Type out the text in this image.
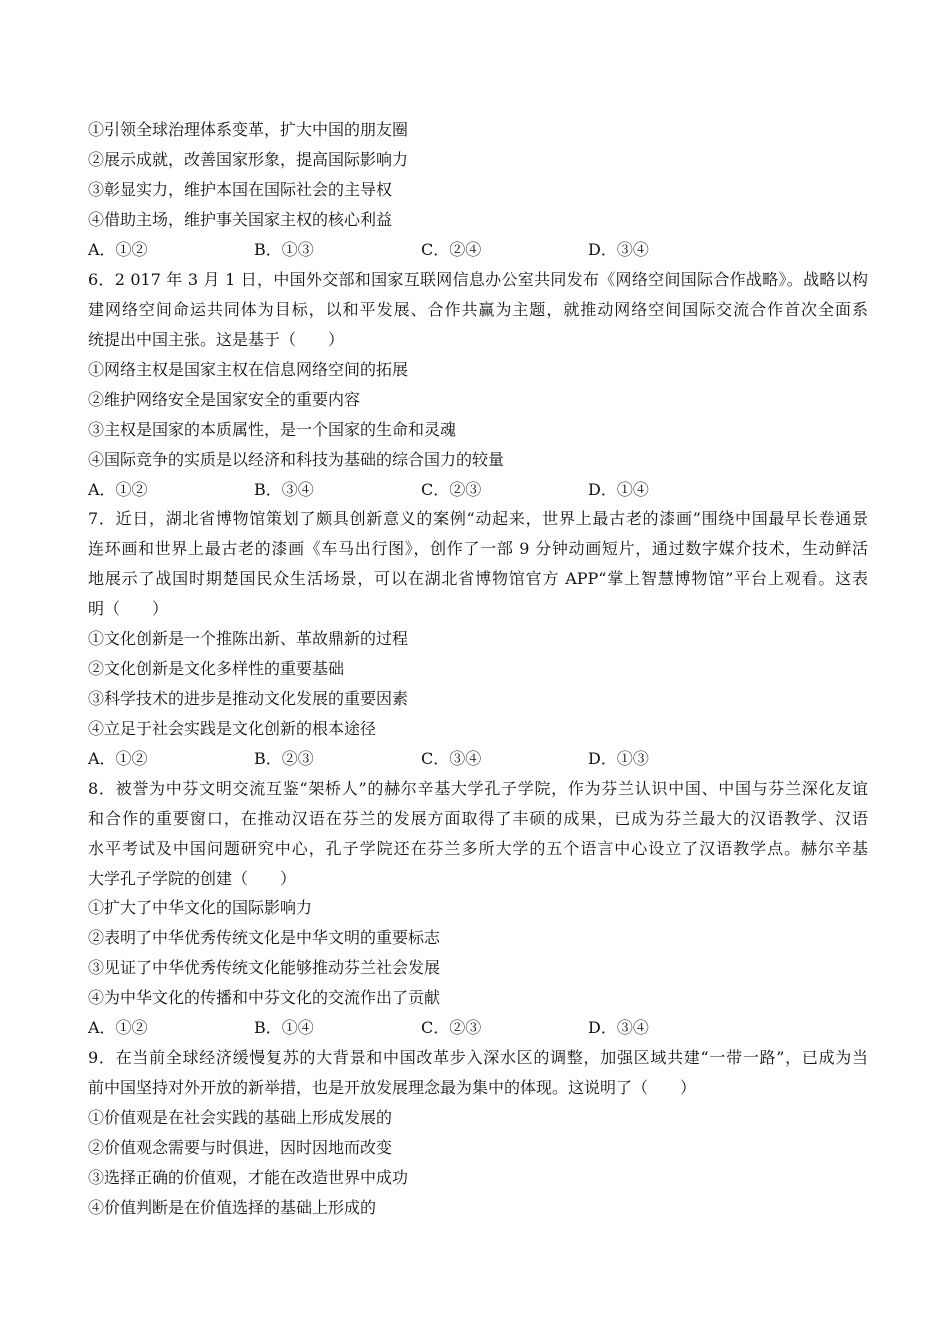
①引领全球治理体系变革，扩大中国的朋友圈
②展示成就，改善国家形象，提高国际影响力
③彰显实力，维护本国在国际社会的主导权
④借助主场，维护事关国家主权的核心利益
A．①②	B．①③	C．②④	D．③④
6．2 017 年 3 月 1 日，中国外交部和国家互联网信息办公室共同发布《网络空间国际合作战略》。战略以构
建网络空间命运共同体为目标，以和平发展、合作共赢为主题，就推动网络空间国际交流合作首次全面系
统提出中国主张。这是基于（　　）
①网络主权是国家主权在信息网络空间的拓展
②维护网络安全是国家安全的重要内容
③主权是国家的本质属性，是一个国家的生命和灵魂
④国际竞争的实质是以经济和科技为基础的综合国力的较量
A．①②	B．③④	C．②③	D．①④
7．近日，湖北省博物馆策划了颇具创新意义的案例“动起来，世界上最古老的漆画”围绕中国最早长卷通景
连环画和世界上最古老的漆画《车马出行图》，创作了一部 9 分钟动画短片，通过数字媒介技术，生动鲜活
地展示了战国时期楚国民众生活场景，可以在湖北省博物馆官方 APP“掌上智慧博物馆”平台上观看。这表
明（　　）
①文化创新是一个推陈出新、革故鼎新的过程
②文化创新是文化多样性的重要基础
③科学技术的进步是推动文化发展的重要因素
④立足于社会实践是文化创新的根本途径
A．①②	B．②③	C．③④	D．①③
8．被誉为中芬文明交流互鉴“架桥人”的赫尔辛基大学孔子学院，作为芬兰认识中国、中国与芬兰深化友谊
和合作的重要窗口，在推动汉语在芬兰的发展方面取得了丰硕的成果，已成为芬兰最大的汉语教学、汉语
水平考试及中国问题研究中心，孔子学院还在芬兰多所大学的五个语言中心设立了汉语教学点。赫尔辛基
大学孔子学院的创建（　　）
①扩大了中华文化的国际影响力
②表明了中华优秀传统文化是中华文明的重要标志
③见证了中华优秀传统文化能够推动芬兰社会发展
④为中华文化的传播和中芬文化的交流作出了贡献
A．①②	B．①④	C．②③	D．③④
9．在当前全球经济缓慢复苏的大背景和中国改革步入深水区的调整，加强区域共建“一带一路”，已成为当
前中国坚持对外开放的新举措，也是开放发展理念最为集中的体现。这说明了（　　）
①价值观是在社会实践的基础上形成发展的
②价值观念需要与时俱进，因时因地而改变
③选择正确的价值观，才能在改造世界中成功
④价值判断是在价值选择的基础上形成的
